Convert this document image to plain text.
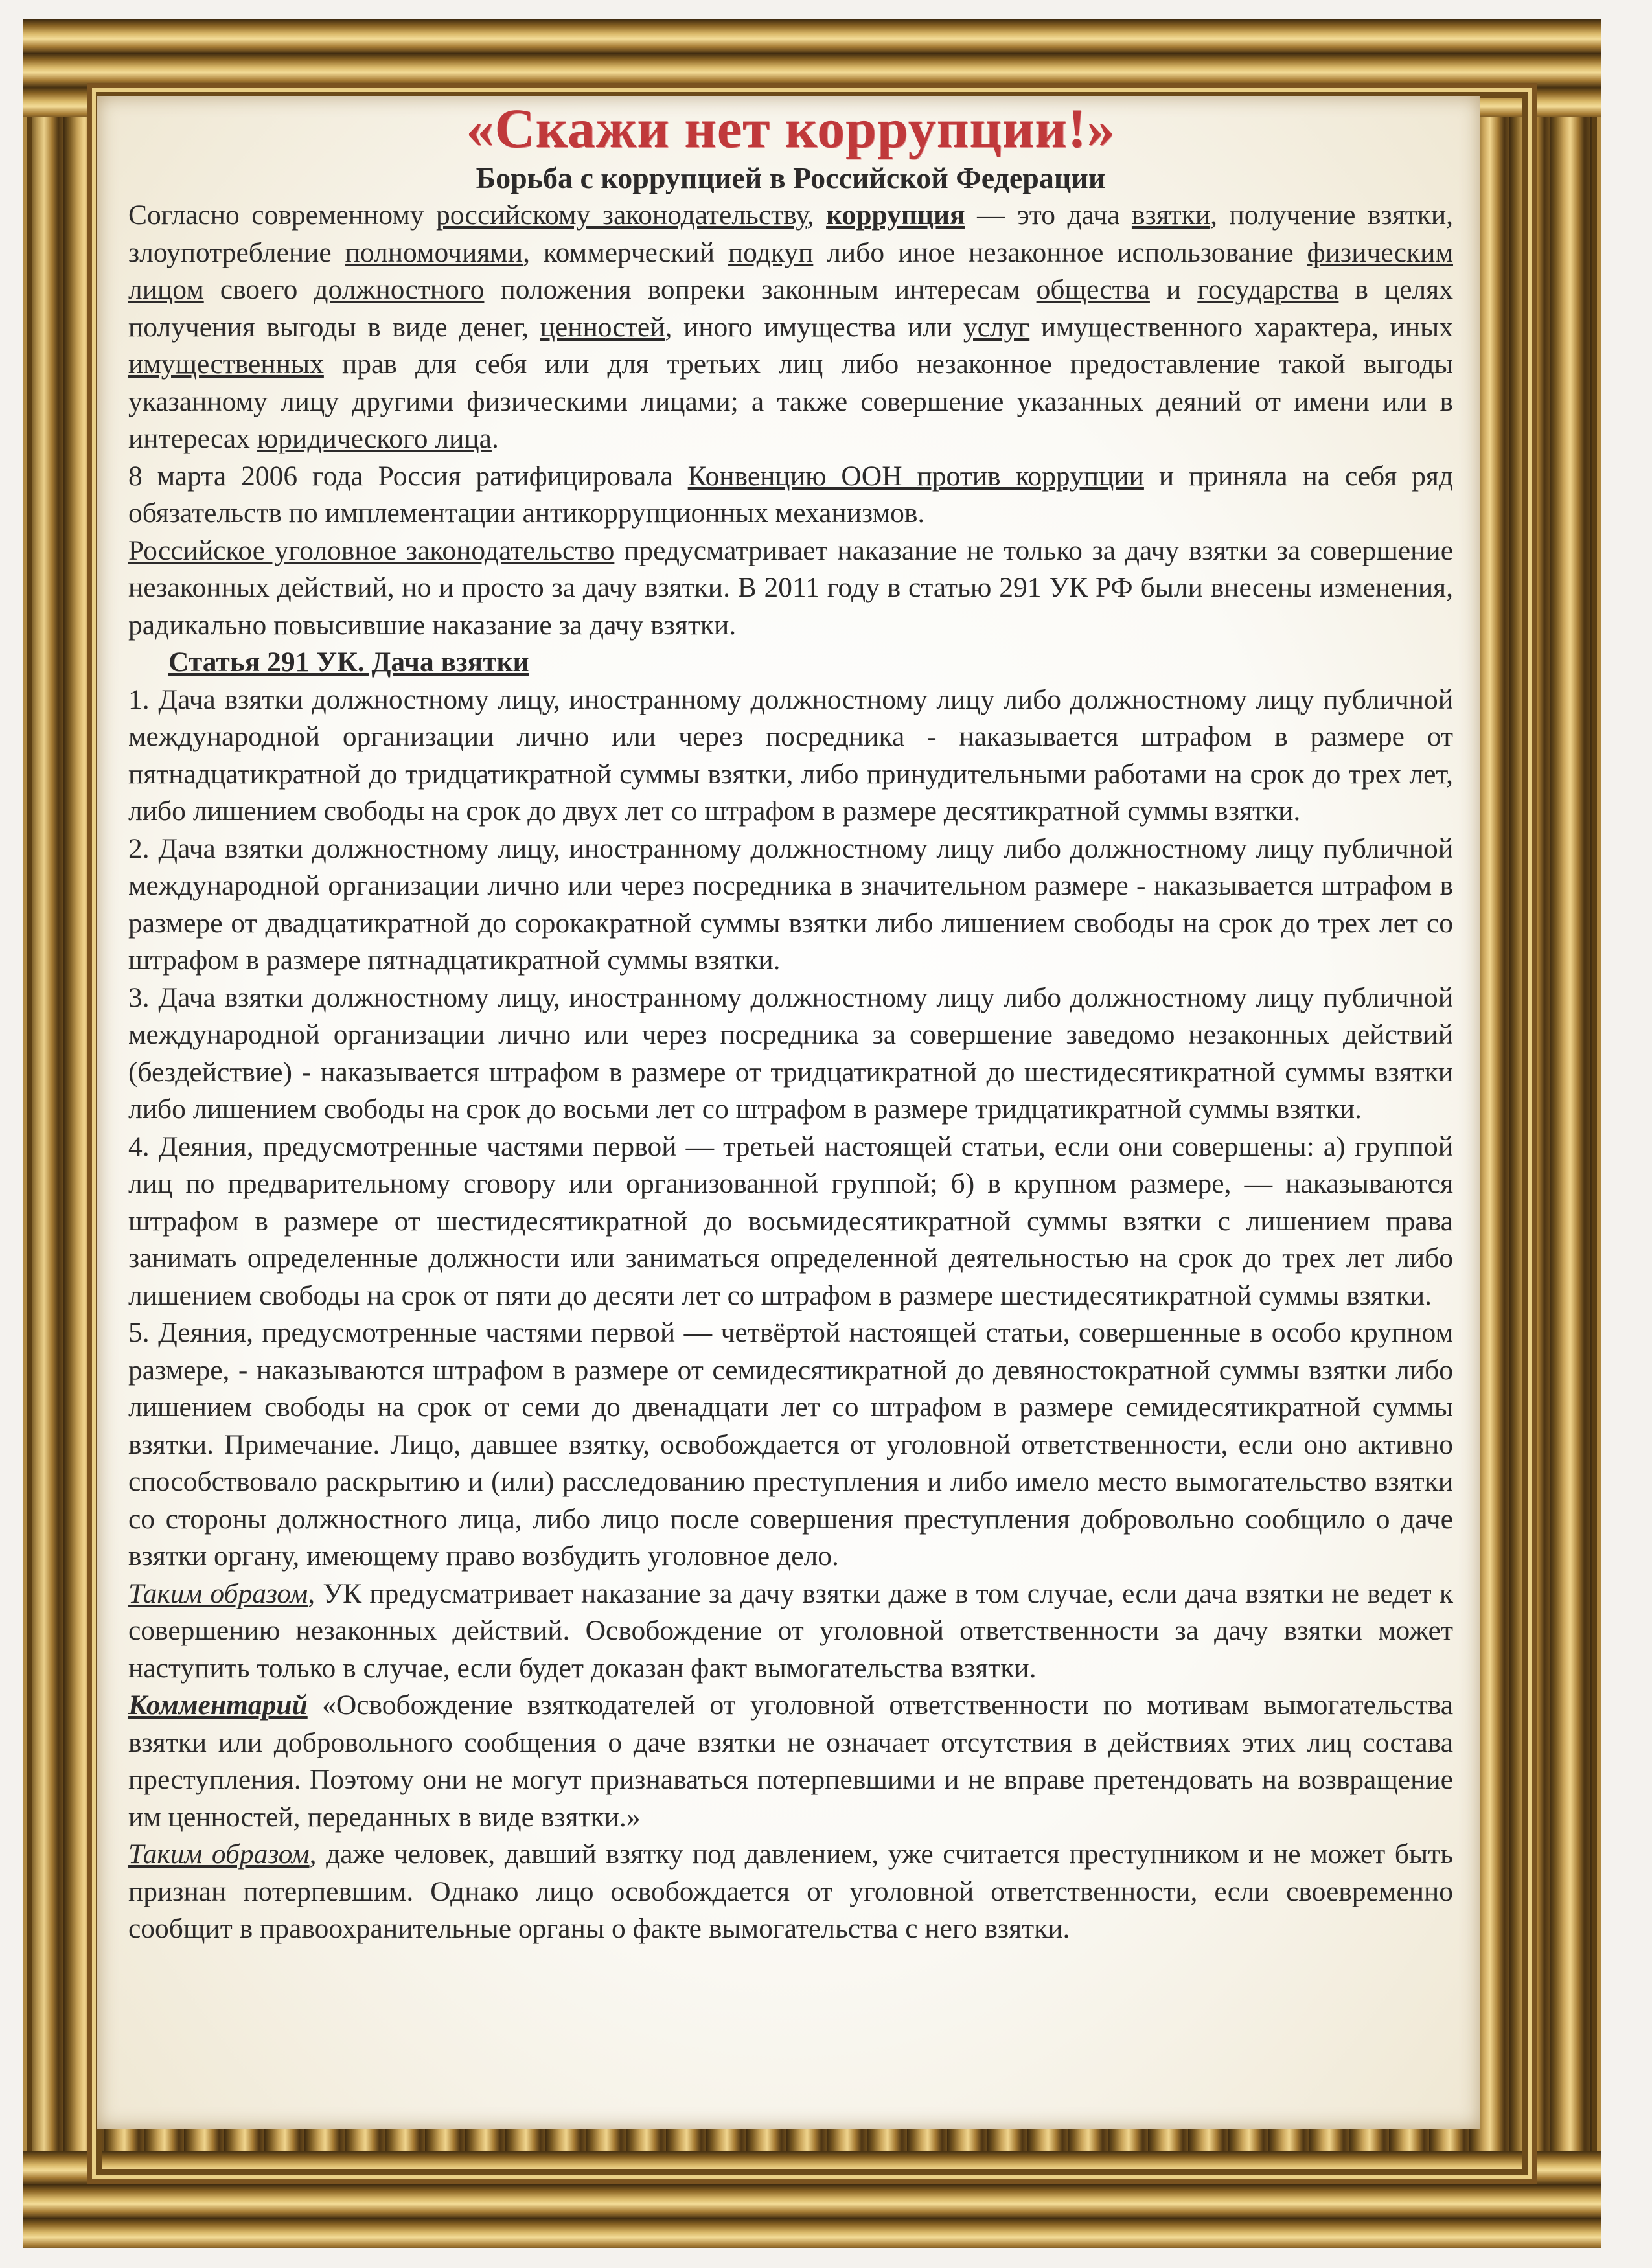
«Скажи нет коррупции!»

Борьба с коррупцией в Российской Федерации

Согласно современному российскому законодательству, коррупция — это дача взятки, получение взятки, злоупотребление полномочиями, коммерческий подкуп либо иное незаконное использование физическим лицом своего должностного положения вопреки законным интересам общества и государства в целях получения выгоды в виде денег, ценностей, иного имущества или услуг имущественного характера, иных имущественных прав для себя или для третьих лиц либо незаконное предоставление такой выгоды указанному лицу другими физическими лицами; а также совершение указанных деяний от имени или в интересах юридического лица.

8 марта 2006 года Россия ратифицировала Конвенцию ООН против коррупции и приняла на себя ряд обязательств по имплементации антикоррупционных механизмов.

Российское уголовное законодательство предусматривает наказание не только за дачу взятки за совершение незаконных действий, но и просто за дачу взятки. В 2011 году в статью 291 УК РФ были внесены изменения, радикально повысившие наказание за дачу взятки.

Статья 291 УК. Дача взятки

1. Дача взятки должностному лицу, иностранному должностному лицу либо должностному лицу публичной международной организации лично или через посредника - наказывается штрафом в размере от пятнадцатикратной до тридцатикратной суммы взятки, либо принудительными работами на срок до трех лет, либо лишением свободы на срок до двух лет со штрафом в размере десятикратной суммы взятки.

2. Дача взятки должностному лицу, иностранному должностному лицу либо должностному лицу публичной международной организации лично или через посредника в значительном размере - наказывается штрафом в размере от двадцатикратной до сорокакратной суммы взятки либо лишением свободы на срок до трех лет со штрафом в размере пятнадцатикратной суммы взятки.

3. Дача взятки должностному лицу, иностранному должностному лицу либо должностному лицу публичной международной организации лично или через посредника за совершение заведомо незаконных действий (бездействие) - наказывается штрафом в размере от тридцатикратной до шестидесятикратной суммы взятки либо лишением свободы на срок до восьми лет со штрафом в размере тридцатикратной суммы взятки.

4. Деяния, предусмотренные частями первой — третьей настоящей статьи, если они совершены: а) группой лиц по предварительному сговору или организованной группой; б) в крупном размере, — наказываются штрафом в размере от шестидесятикратной до восьмидесятикратной суммы взятки с лишением права занимать определенные должности или заниматься определенной деятельностью на срок до трех лет либо лишением свободы на срок от пяти до десяти лет со штрафом в размере шестидесятикратной суммы взятки.

5. Деяния, предусмотренные частями первой — четвёртой настоящей статьи, совершенные в особо крупном размере, - наказываются штрафом в размере от семидесятикратной до девяностократной суммы взятки либо лишением свободы на срок от семи до двенадцати лет со штрафом в размере семидесятикратной суммы взятки. Примечание. Лицо, давшее взятку, освобождается от уголовной ответственности, если оно активно способствовало раскрытию и (или) расследованию преступления и либо имело место вымогательство взятки со стороны должностного лица, либо лицо после совершения преступления добровольно сообщило о даче взятки органу, имеющему право возбудить уголовное дело.

Таким образом, УК предусматривает наказание за дачу взятки даже в том случае, если дача взятки не ведет к совершению незаконных действий. Освобождение от уголовной ответственности за дачу взятки может наступить только в случае, если будет доказан факт вымогательства взятки.

Комментарий «Освобождение взяткодателей от уголовной ответственности по мотивам вымогательства взятки или добровольного сообщения о даче взятки не означает отсутствия в действиях этих лиц состава преступления. Поэтому они не могут признаваться потерпевшими и не вправе претендовать на возвращение им ценностей, переданных в виде взятки.»

Таким образом, даже человек, давший взятку под давлением, уже считается преступником и не может быть признан потерпевшим. Однако лицо освобождается от уголовной ответственности, если своевременно сообщит в правоохранительные органы о факте вымогательства с него взятки.
